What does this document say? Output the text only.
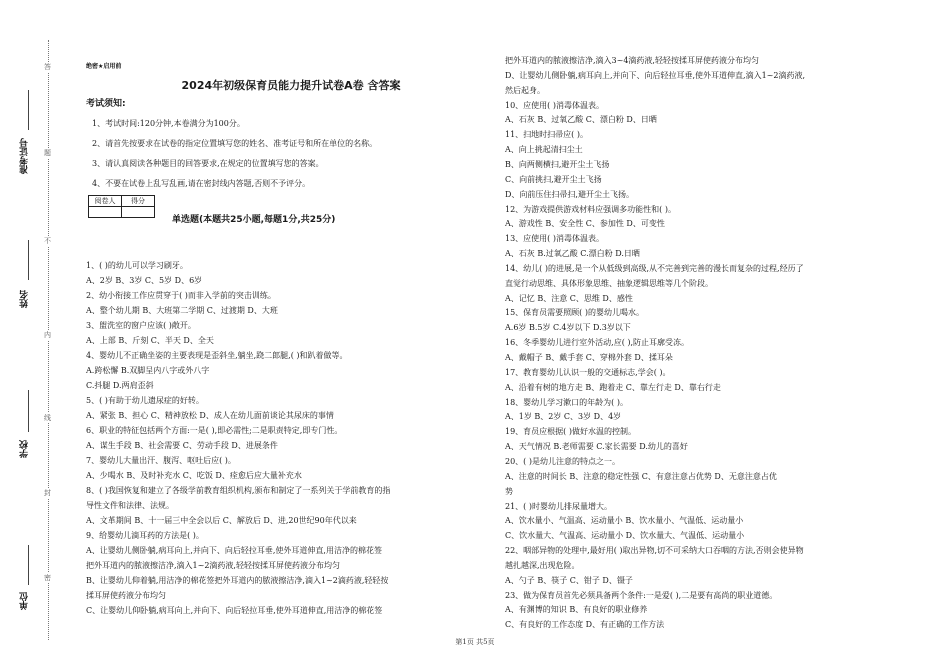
答
题
不
内
线
封
密
准考证号
姓名
学校
单位
绝密★启用前
2024年初级保育员能力提升试卷A卷 含答案
考试须知:
1、考试时间:120分钟,本卷满分为100分。
2、请首先按要求在试卷的指定位置填写您的姓名、准考证号和所在单位的名称。
3、请认真阅读各种题目的回答要求,在规定的位置填写您的答案。
4、不要在试卷上乱写乱画,请在密封线内答题,否则不予评分。
阅卷人	得分

单选题(本题共25小题,每题1分,共25分)
1、( )的幼儿可以学习刷牙。
A、2岁 B、3岁 C、5岁 D、6岁
2、幼小衔接工作应贯穿于( )而非入学前的突击训练。
A、整个幼儿期 B、大班第二学期 C、过渡期 D、大班
3、盥洗室的窗户应该( )敞开。
A、上部 B、斤刻 C、半天 D、全天
4、婴幼儿不正确坐姿的主要表现是歪斜坐,躺坐,跷二郎腿,( )和趴着做等。
A.跨松懈 B.双脚呈内八字或外八字
C.抖腿 D.两肩歪斜
5、( )有助于幼儿遗尿症的好转。
A、紧张 B、担心 C、精神放松 D、成人在幼儿面前谈论其尿床的事情
6、职业的特征包括两个方面:一是( ),即必需性;二是职责特定,即专门性。
A、谋生手段 B、社会需要 C、劳动手段 D、进展条件
7、婴幼儿大量出汗、腹泻、呕吐后应( )。
A、少喝水 B、及时补充水 C、吃饭 D、痊愈后应大量补充水
8、( )我国恢复和建立了各级学前教育组织机构,颁布和制定了一系列关于学前教育的指
导性文件和法律、法规。
A、文革期间 B、十一届三中全会以后 C、解放后 D、进,20世纪90年代以来
9、给婴幼儿滴耳药的方法是( )。
A、让婴幼儿侧卧躺,病耳向上,并向下、向后轻拉耳垂,使外耳道伸直,用洁净的棉花签
把外耳道内的脓液擦洁净,滴入1~2滴药液,轻轻按揉耳屏使药液分布均匀
B、让婴幼儿仰着躺,用洁净的棉花签把外耳道内的脓液擦洁净,滴入1~2滴药液,轻轻按
揉耳屏使药液分布均匀
C、让婴幼儿仰卧躺,病耳向上,并向下、向后轻拉耳垂,使外耳道伸直,用洁净的棉花签
把外耳道内的脓液擦洁净,滴入3~4滴药液,轻轻按揉耳屏使药液分布均匀
D、让婴幼儿侧卧躺,病耳向上,并向下、向后轻拉耳垂,使外耳道伸直,滴入1~2滴药液,
然后起身。
10、应使用( )消毒体温表。
A、石灰 B、过氧乙酸 C、漂白粉 D、日晒
11、扫地时扫帚应( )。
A、向上挑起清扫尘土
B、向两侧横扫,避开尘土飞扬
C、向前挑扫,避开尘土飞扬
D、向前压住扫帚扫,避开尘土飞扬。
12、为游戏提供游戏材料应强调多功能性和( )。
A、游戏性 B、安全性 C、参加性 D、可变性
13、应使用( )消毒体温表。
A、石灰 B.过氧乙酸 C.漂白粉 D.日晒
14、幼儿( )的进展,是一个从低级到高级,从不完善到完善的漫长而复杂的过程,经历了
直觉行动思维、具体形象思维、抽象逻辑思维等几个阶段。
A、记忆 B、注意 C、思维 D、感性
15、保育员需要照顾( )的婴幼儿喝水。
A.6岁 B.5岁 C.4岁以下 D.3岁以下
16、冬季婴幼儿进行室外活动,应( ),防止耳廓受冻。
A、戴帽子 B、戴手套 C、穿棉外套 D、揉耳朵
17、教育婴幼儿认识一般的交通标志,学会( )。
A、沿着有树的地方走 B、跑着走 C、靠左行走 D、靠右行走
18、婴幼儿学习漱口的年龄为( )。
A、1岁 B、2岁 C、3岁 D、4岁
19、育员应根据( )做好水温的控制。
A、天气情况 B.老师需要 C.家长需要 D.幼儿的喜好
20、( )是幼儿注意的特点之一。
A、注意的时间长 B、注意的稳定性强 C、有意注意占优势 D、无意注意占优
势
21、( )时婴幼儿排尿量增大。
A、饮水量小、气温高、运动量小 B、饮水量小、气温低、运动量小
C、饮水量大、气温高、运动量小 D、饮水量大、气温低、运动量小
22、咽部异物的处理中,最好用( )取出异物,切不可采纳大口吞咽的方法,否则会使异物
越扎越深,出现危险。
A、勺子 B、筷子 C、钳子 D、镊子
23、做为保育员首先必须具备两个条件:一是爱( ),二是要有高尚的职业道德。
A、有渊博的知识 B、有良好的职业修养
C、有良好的工作态度 D、有正确的工作方法
第1页 共5页
